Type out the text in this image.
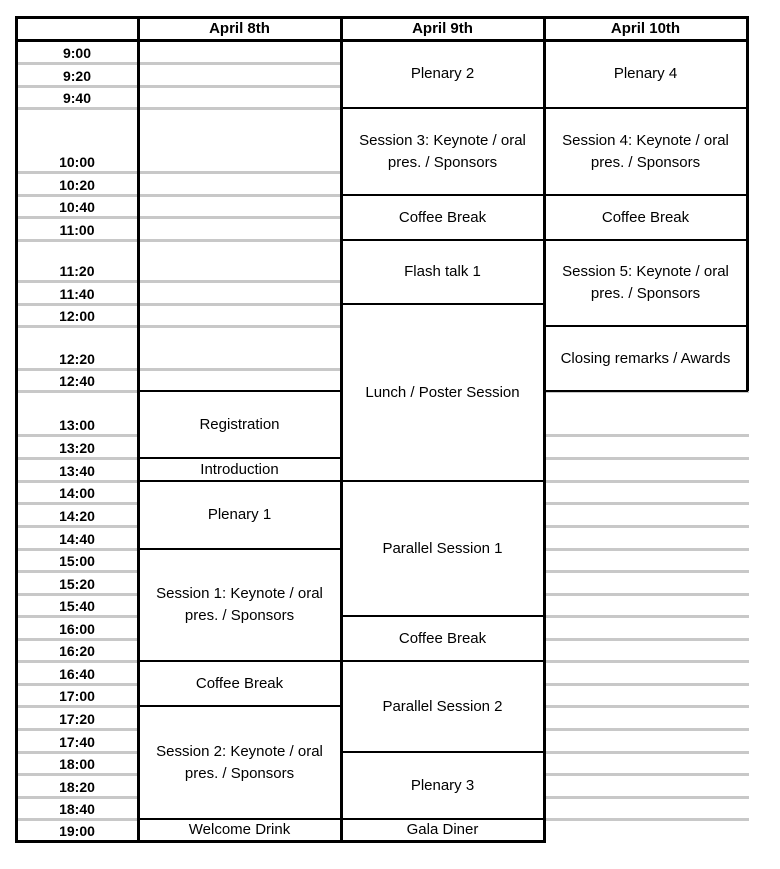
April 8th	April 9th	April 10th
9:00
9:20
9:40
10:00
10:20
10:40
11:00
11:20
11:40
12:00
12:20
12:40
13:00
13:20
13:40
14:00
14:20
14:40
15:00
15:20
15:40
16:00
16:20
16:40
17:00
17:20
17:40
18:00
18:20
18:40
19:00
Registration
Introduction
Plenary 1
Session 1: Keynote / oral pres. / Sponsors
Coffee Break
Session 2: Keynote / oral pres. / Sponsors
Welcome Drink
Plenary 2
Session 3: Keynote / oral pres. / Sponsors
Coffee Break
Flash talk 1
Lunch / Poster Session
Parallel Session 1
Coffee Break
Parallel Session 2
Plenary 3
Gala Diner
Plenary 4
Session 4: Keynote / oral pres. / Sponsors
Coffee Break
Session 5: Keynote / oral pres. / Sponsors
Closing remarks / Awards
